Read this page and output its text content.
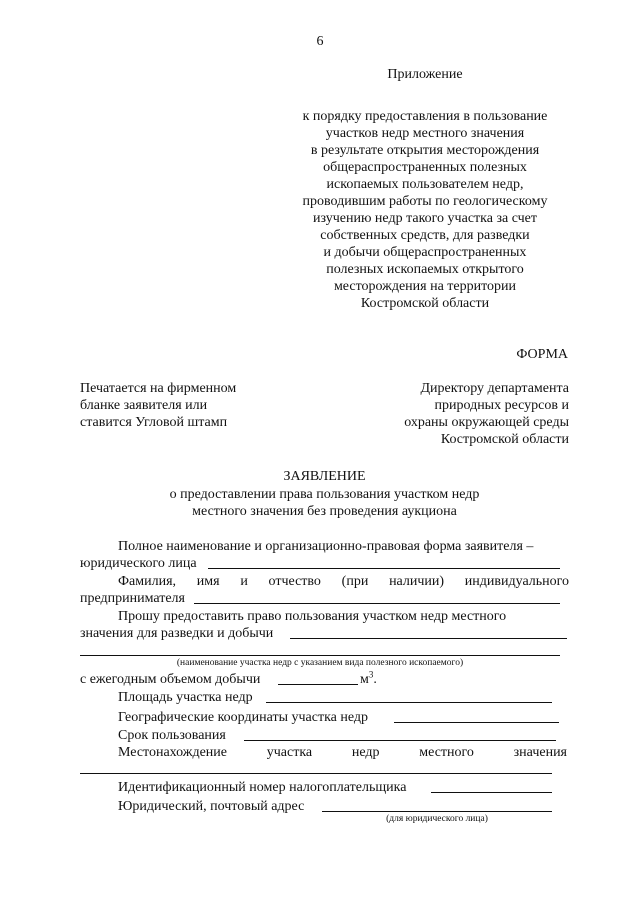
6
Приложение
к порядку предоставления в пользование
участков недр местного значения
в результате открытия месторождения
общераспространенных полезных
ископаемых пользователем недр,
проводившим работы по геологическому
изучению недр такого участка за счет
собственных средств, для разведки
и добычи общераспространенных
полезных ископаемых открытого
месторождения на территории
Костромской области
ФОРМА
Печатается на фирменном
бланке заявителя или
ставится Угловой штамп
Директору департамента
природных ресурсов и
охраны окружающей среды
Костромской области
ЗАЯВЛЕНИЕ
о предоставлении права пользования участком недр
местного значения без проведения аукциона
Полное наименование и организационно-правовая форма заявителя –
юридического лица
Фамилия, имя и отчество (при наличии) индивидуального
предпринимателя
Прошу предоставить право пользования участком недр местного
значения для разведки и добычи
(наименование участка недр с указанием вида полезного ископаемого)
с ежегодным объемом добычи	$м^3$.
Площадь участка недр
Географические координаты участка недр
Срок пользования
Местонахождение	участка	недр	местного	значения
Идентификационный номер налогоплательщика
Юридический, почтовый адрес
(для юридического лица)
